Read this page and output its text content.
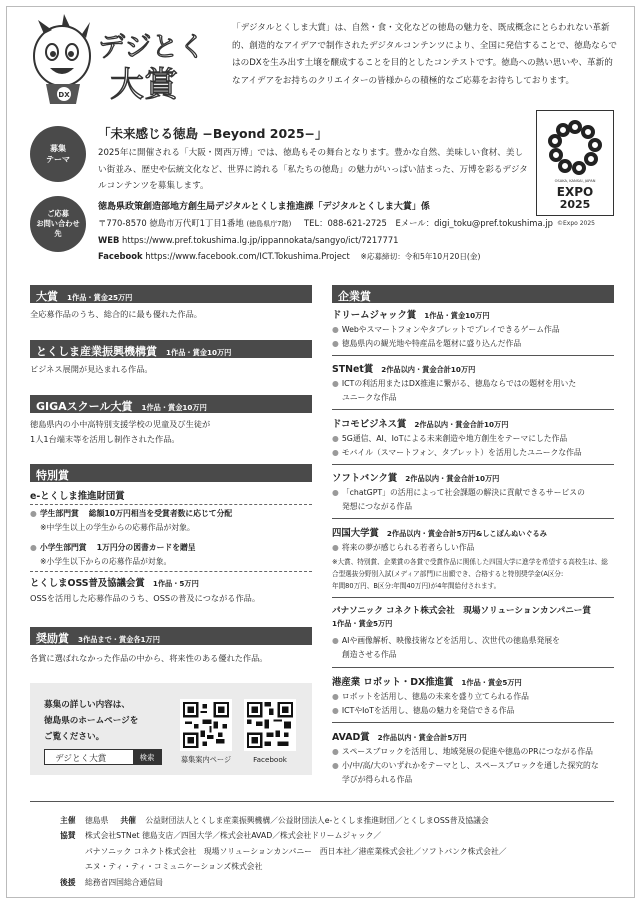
DX
デジとく
大賞
「デジタルとくしま大賞」は、自然・食・文化などの徳島の魅力を、既成概念にとらわれない革新的、創造的なアイデアで制作されたデジタルコンテンツにより、全国に発信することで、徳島ならではのDXを生み出す土壌を醸成することを目的としたコンテストです。徳島への熱い思いや、革新的なアイデアをお持ちのクリエイターの皆様からの積極的なご応募をお待ちしております。
募集
テーマ
「未来感じる徳島 −Beyond 2025−」
2025年に開催される「大阪・関西万博」では、徳島もその舞台となります。豊かな自然、美味しい食材、美しい街並み、歴史や伝統文化など、世界に誇れる「私たちの徳島」の魅力がいっぱい詰まった、万博を彩るデジタルコンテンツを募集します。
OSAKA, KANSAI, JAPAN
EXPO
2025
©Expo 2025
ご応募
お問い合わせ
先
徳島県政策創造部地方創生局デジタルとくしま推進課「デジタルとくしま大賞」係
〒770-8570 徳島市万代町1丁目1番地 (徳島県庁7階) TEL：088-621-2725 Eメール：digi_toku@pref.tokushima.jp
WEB https://www.pref.tokushima.lg.jp/ippannokata/sangyo/ict/7217771
Facebook https://www.facebook.com/ICT.Tokushima.Project ※応募締切：令和5年10月20日(金)
大賞 1作品・賞金25万円
全応募作品のうち、総合的に最も優れた作品。
とくしま産業振興機構賞 1作品・賞金10万円
ビジネス展開が見込まれる作品。
GIGAスクール大賞 1作品・賞金10万円
徳島県内の小中高特別支援学校の児童及び生徒が
1人1台端末等を活用し制作された作品。
特別賞
e-とくしま推進財団賞
● 学生部門賞 総額10万円相当を受賞者数に応じて分配
※中学生以上の学生からの応募作品が対象。
● 小学生部門賞 1万円分の図書カードを贈呈
※小学生以下からの応募作品が対象。
とくしまOSS普及協議会賞 1作品・5万円
OSSを活用した応募作品のうち、OSSの普及につながる作品。
奨励賞 3作品まで・賞金各1万円
各賞に選ばれなかった作品の中から、将来性のある優れた作品。
募集の詳しい内容は、
徳島県のホームページを
ご覧ください。
デジとく大賞	検索	募集案内ページ	Facebook
企業賞
ドリームジャック賞 1作品・賞金10万円
● Webやスマートフォンやタブレットでプレイできるゲーム作品
● 徳島県内の観光地や特産品を題材に盛り込んだ作品
STNet賞 2作品以内・賞金合計10万円
● ICTの利活用または DX推進 に繋がる、徳島ならではの題材を用いた
ユニークな作品
ドコモビジネス賞 2作品以内・賞金合計10万円
● 5G通信、AI、IoTによる未来創造や地方創生をテーマにした作品
● モバイル（スマートフォン、タブレット）を活用したユニークな作品
ソフトバンク賞 2作品以内・賞金合計10万円
● 「chatGPT」の活用によって社会課題の解決に貢献できるサービスの
発想につながる作品
四国大学賞 2作品以内・賞金合計5万円&しこぽんぬいぐるみ
● 将来の夢が感じられる若者らしい作品
※大賞、特別賞、企業賞の各賞で受賞作品に関係した四国大学に進学を希望する高校生は、総
合型選抜分野別入試(メディア部門)に出願でき、合格すると特別奨学金(A区分:
年間80万円、B区分:年間40万円)が4年間給付されます。
パナソニック コネクト株式会社　現場ソリューションカンパニー賞
1作品・賞金5万円
● AIや画像解析、映像技術などを活用し、次世代の徳島県発展を
創造させる作品
港産業 ロボット・DX推進賞 1作品・賞金5万円
● ロボットを活用し、徳島の未来を盛り立てられる作品
● ICTやIoTを活用し、徳島の魅力を発信できる作品
AVAD賞 2作品以内・賞金合計5万円
● スペースブロックを活用し、地域発展の促進や徳島のPRにつながる作品
● 小/中/高/大のいずれかをテーマとし、スペースブロックを通した探究的な
学びが得られる作品
主催 徳島県 共催 公益財団法人とくしま産業振興機構／公益財団法人e-とくしま推進財団／とくしまOSS普及協議会
協賛 株式会社STNet 徳島支店／四国大学／株式会社AVAD／株式会社ドリームジャック／
パナソニック コネクト株式会社　現場ソリューションカンパニー　西日本社／港産業株式会社／ソフトバンク株式会社／
エヌ・ティ・ティ・コミュニケーションズ株式会社
後援 総務省四国総合通信局
